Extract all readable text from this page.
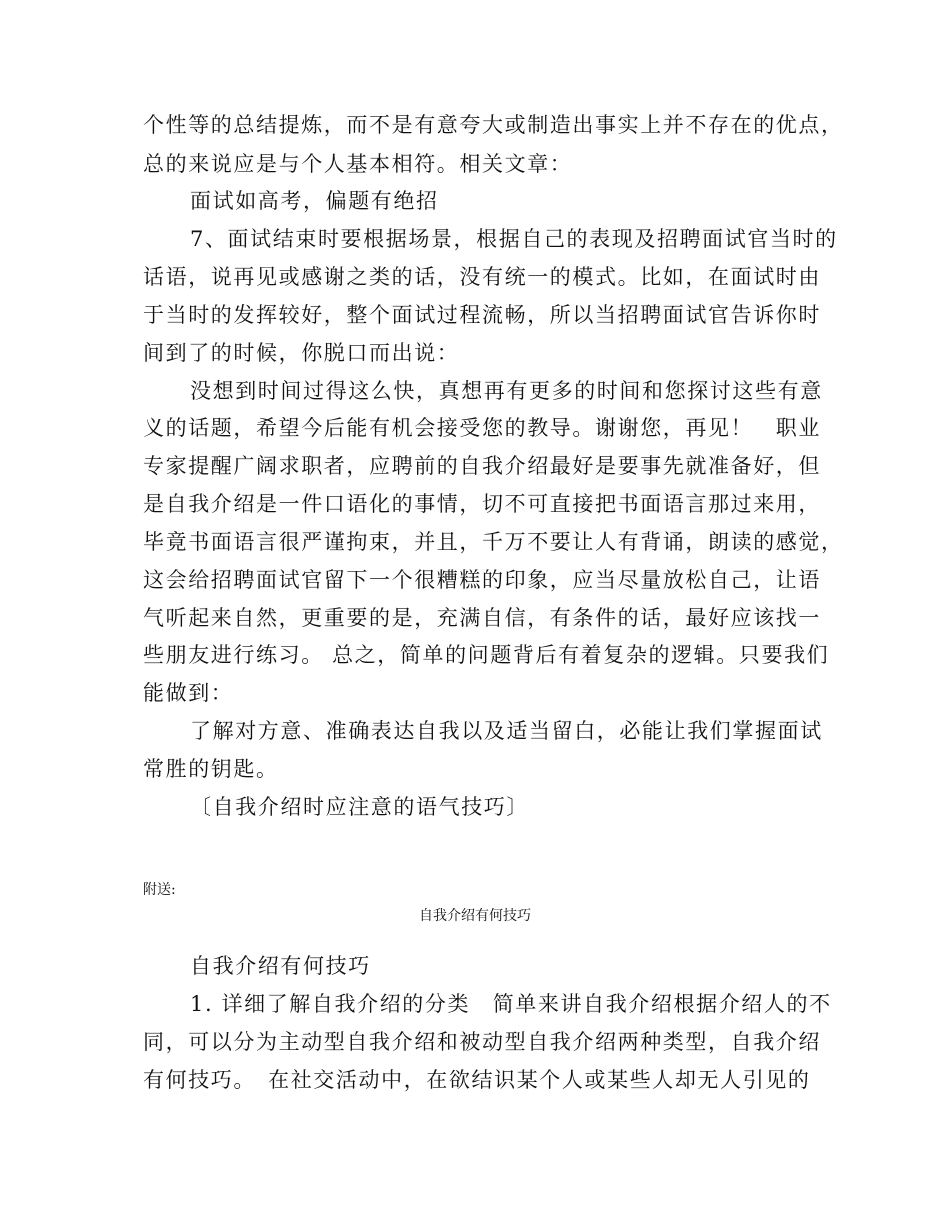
个性等的总结提炼，而不是有意夸大或制造出事实上并不存在的优点，
总的来说应是与个人基本相符。相关文章：
面试如高考，偏题有绝招
7、面试结束时要根据场景，根据自己的表现及招聘面试官当时的
话语，说再见或感谢之类的话，没有统一的模式。比如，在面试时由
于当时的发挥较好，整个面试过程流畅，所以当招聘面试官告诉你时
间到了的时候，你脱口而出说：
没想到时间过得这么快，真想再有更多的时间和您探讨这些有意
义的话题，希望今后能有机会接受您的教导。谢谢您，再见！　职业
专家提醒广阔求职者，应聘前的自我介绍最好是要事先就准备好，但
是自我介绍是一件口语化的事情，切不可直接把书面语言那过来用，
毕竟书面语言很严谨拘束，并且，千万不要让人有背诵，朗读的感觉，
这会给招聘面试官留下一个很糟糕的印象，应当尽量放松自己，让语
气听起来自然，更重要的是，充满自信，有条件的话，最好应该找一
些朋友进行练习。 总之，简单的问题背后有着复杂的逻辑。只要我们
能做到：
了解对方意、准确表达自我以及适当留白，必能让我们掌握面试
常胜的钥匙。
〔自我介绍时应注意的语气技巧〕
附送:
自我介绍有何技巧
自我介绍有何技巧
1. 详细了解自我介绍的分类　简单来讲自我介绍根据介绍人的不
同，可以分为主动型自我介绍和被动型自我介绍两种类型，自我介绍
有何技巧。　在社交活动中，在欲结识某个人或某些人却无人引见的
